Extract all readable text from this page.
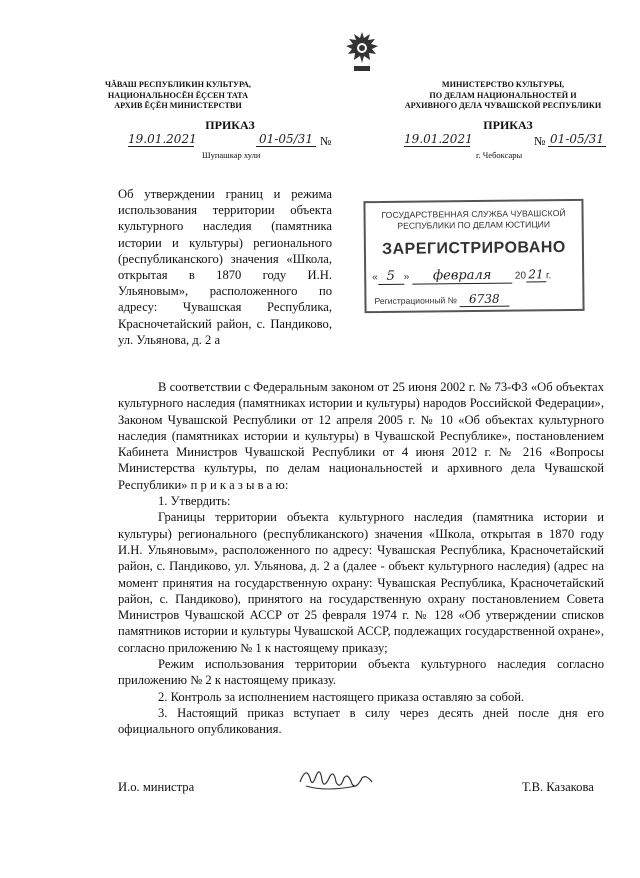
ЧĂВАШ РЕСПУБЛИКИН КУЛЬТУРА,
НАЦИОНАЛЬНОСĔН ĔÇСЕН ТАТА
АРХИВ ĔÇĔН МИНИСТЕРСТВИ
МИНИСТЕРСТВО КУЛЬТУРЫ,
ПО ДЕЛАМ НАЦИОНАЛЬНОСТЕЙ И
АРХИВНОГО ДЕЛА ЧУВАШСКОЙ РЕСПУБЛИКИ
ПРИКАЗ	ПРИКАЗ
19.01.2021	01-05/31 №
Шупашкар хули
19.01.2021	№ 01-05/31
г. Чебоксары
Об утверждении границ и режима использования территории объекта культурного наследия (памятника истории и культуры) регионального (республиканского) значения «Школа, открытая в 1870 году И.Н. Ульяновым», расположенного по адресу: Чувашская Республика, Красночетайский район, с. Пандиково, ул. Ульянова, д. 2 а
ГОСУДАРСТВЕННАЯ СЛУЖБА ЧУВАШСКОЙ
РЕСПУБЛИКИ ПО ДЕЛАМ ЮСТИЦИИ
ЗАРЕГИСТРИРОВАНО
« 5 » февраля 20 21 г.
Регистрационный № 6738
В соответствии с Федеральным законом от 25 июня 2002 г. № 73-ФЗ «Об объектах культурного наследия (памятниках истории и культуры) народов Российской Федерации», Законом Чувашской Республики от 12 апреля 2005 г. № 10 «Об объектах культурного наследия (памятниках истории и культуры) в Чувашской Республике», постановлением Кабинета Министров Чувашской Республики от 4 июня 2012 г. № 216 «Вопросы Министерства культуры, по делам национальностей и архивного дела Чувашской Республики» п р и к а з ы в а ю:
1. Утвердить:
Границы территории объекта культурного наследия (памятника истории и культуры) регионального (республиканского) значения «Школа, открытая в 1870 году И.Н. Ульяновым», расположенного по адресу: Чувашская Республика, Красночетайский район, с. Пандиково, ул. Ульянова, д. 2 а (далее - объект культурного наследия) (адрес на момент принятия на государственную охрану: Чувашская Республика, Красночетайский район, с. Пандиково), принятого на государственную охрану постановлением Совета Министров Чувашской АССР от 25 февраля 1974 г. № 128 «Об утверждении списков памятников истории и культуры Чувашской АССР, подлежащих государственной охране», согласно приложению № 1 к настоящему приказу;
Режим использования территории объекта культурного наследия согласно приложению № 2 к настоящему приказу.
2. Контроль за исполнением настоящего приказа оставляю за собой.
3. Настоящий приказ вступает в силу через десять дней после дня его официального опубликования.
И.о. министра	Т.В. Казакова
